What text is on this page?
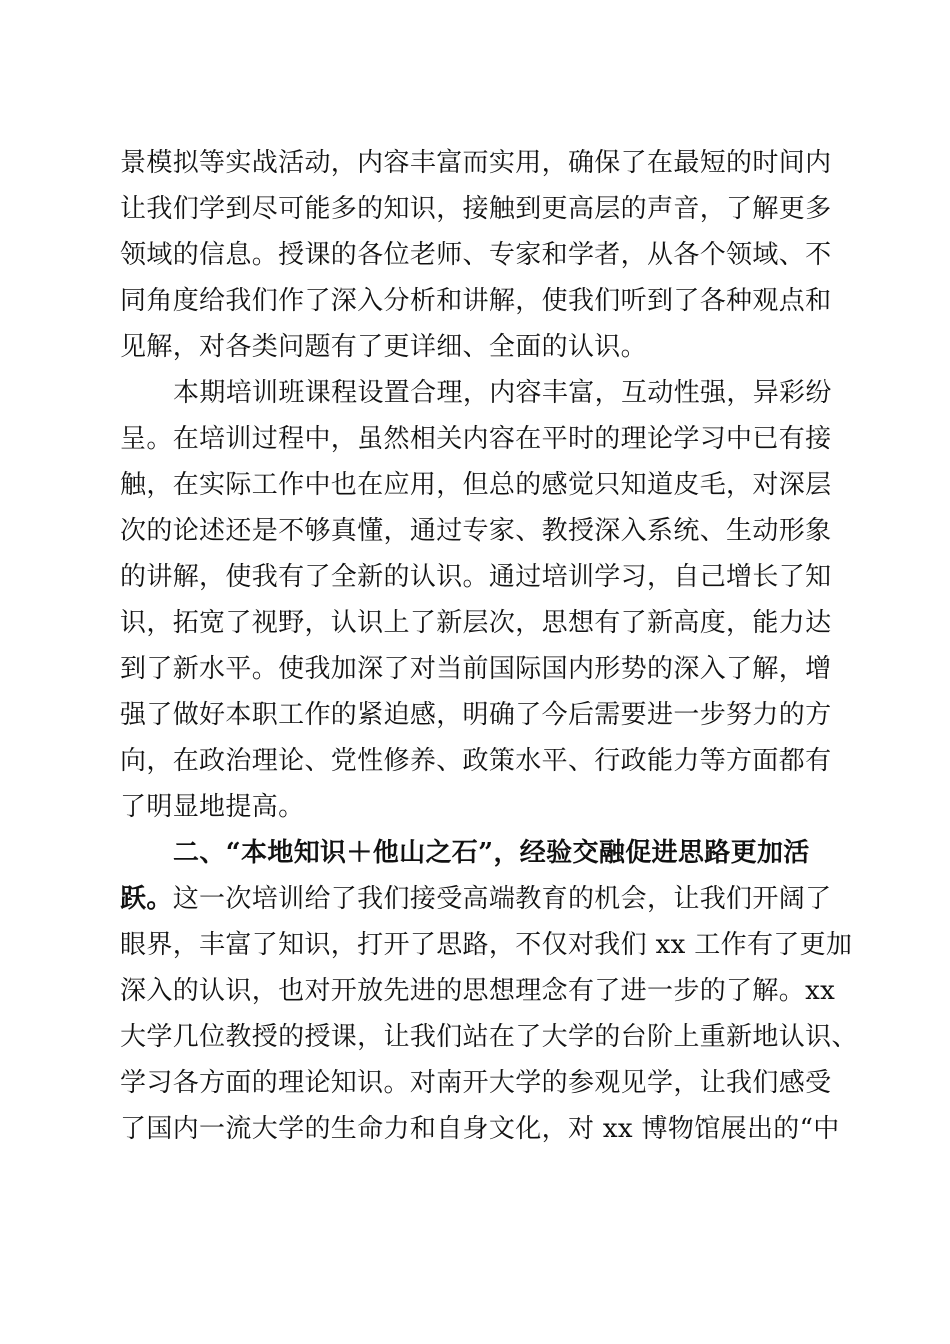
景模拟等实战活动，内容丰富而实用，确保了在最短的时间内
让我们学到尽可能多的知识，接触到更高层的声音，了解更多
领域的信息。授课的各位老师、专家和学者，从各个领域、不
同角度给我们作了深入分析和讲解，使我们听到了各种观点和
见解，对各类问题有了更详细、全面的认识。
本期培训班课程设置合理，内容丰富，互动性强，异彩纷
呈。在培训过程中，虽然相关内容在平时的理论学习中已有接
触，在实际工作中也在应用，但总的感觉只知道皮毛，对深层
次的论述还是不够真懂，通过专家、教授深入系统、生动形象
的讲解，使我有了全新的认识。通过培训学习，自己增长了知
识，拓宽了视野，认识上了新层次，思想有了新高度，能力达
到了新水平。使我加深了对当前国际国内形势的深入了解，增
强了做好本职工作的紧迫感，明确了今后需要进一步努力的方
向，在政治理论、党性修养、政策水平、行政能力等方面都有
了明显地提高。
二、“本地知识＋他山之石”，经验交融促进思路更加活
跃。这一次培训给了我们接受高端教育的机会，让我们开阔了
眼界，丰富了知识，打开了思路，不仅对我们 xx 工作有了更加
深入的认识，也对开放先进的思想理念有了进一步的了解。xx
大学几位教授的授课，让我们站在了大学的台阶上重新地认识、
学习各方面的理论知识。对南开大学的参观见学，让我们感受
了国内一流大学的生命力和自身文化，对 xx 博物馆展出的“中
